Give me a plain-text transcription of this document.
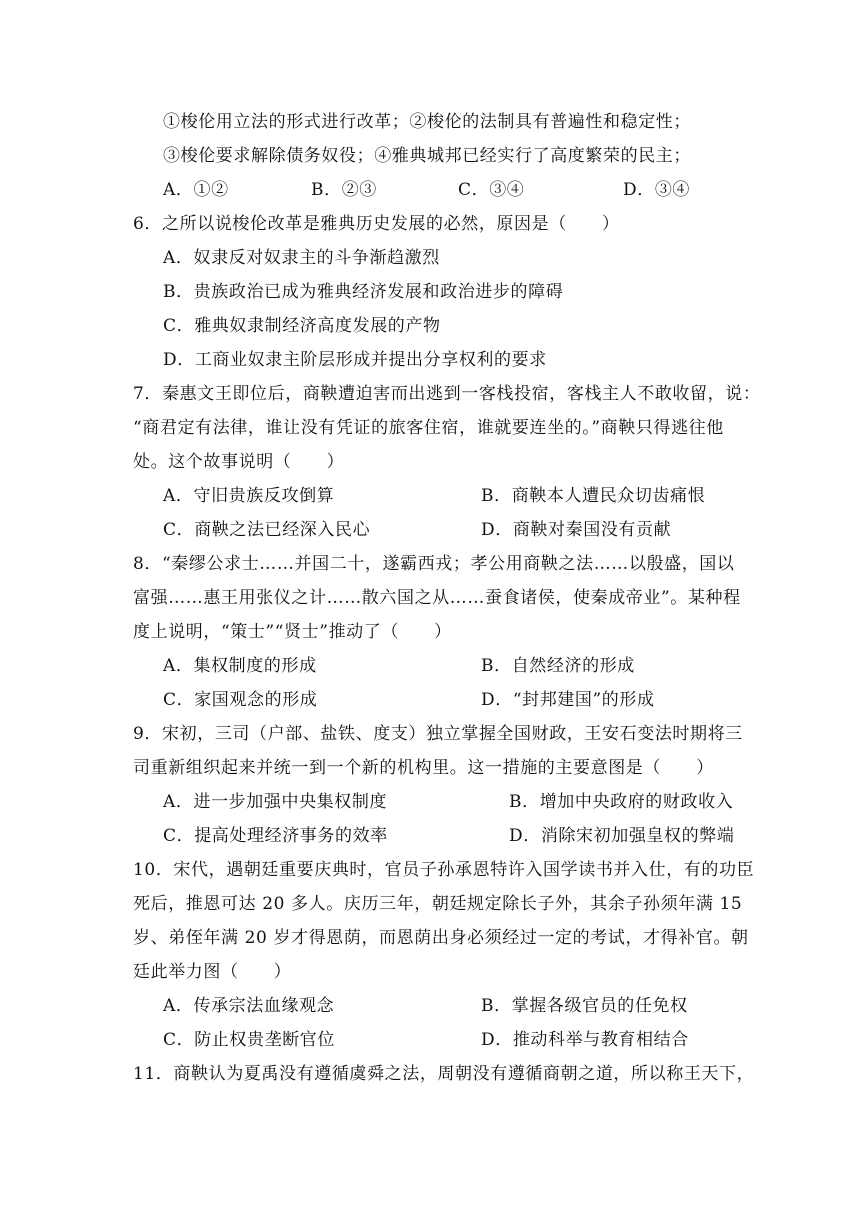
①梭伦用立法的形式进行改革；②梭伦的法制具有普遍性和稳定性；
③梭伦要求解除债务奴役；④雅典城邦已经实行了高度繁荣的民主；
A．①②	B．②③	C．③④	D．③④
6．之所以说梭伦改革是雅典历史发展的必然，原因是（　　）
A．奴隶反对奴隶主的斗争渐趋激烈
B．贵族政治已成为雅典经济发展和政治进步的障碍
C．雅典奴隶制经济高度发展的产物
D．工商业奴隶主阶层形成并提出分享权利的要求
7．秦惠文王即位后，商鞅遭迫害而出逃到一客栈投宿，客栈主人不敢收留，说：
“商君定有法律，谁让没有凭证的旅客住宿，谁就要连坐的。”商鞅只得逃往他
处。这个故事说明（　　）
A．守旧贵族反攻倒算	B．商鞅本人遭民众切齿痛恨
C．商鞅之法已经深入民心	D．商鞅对秦国没有贡献
8．“秦缪公求士……并国二十，遂霸西戎；孝公用商鞅之法……以殷盛，国以
富强……惠王用张仪之计……散六国之从……蚕食诸侯，使秦成帝业”。某种程
度上说明，“策士”“贤士”推动了（　　）
A．集权制度的形成	B．自然经济的形成
C．家国观念的形成	D．“封邦建国”的形成
9．宋初，三司（户部、盐铁、度支）独立掌握全国财政，王安石变法时期将三
司重新组织起来并统一到一个新的机构里。这一措施的主要意图是（　　）
A．进一步加强中央集权制度	B．增加中央政府的财政收入
C．提高处理经济事务的效率	D．消除宋初加强皇权的弊端
10．宋代，遇朝廷重要庆典时，官员子孙承恩特许入国学读书并入仕，有的功臣
死后，推恩可达 20 多人。庆历三年，朝廷规定除长子外，其余子孙须年满 15
岁、弟侄年满 20 岁才得恩荫，而恩荫出身必须经过一定的考试，才得补官。朝
廷此举力图（　　）
A．传承宗法血缘观念	B．掌握各级官员的任免权
C．防止权贵垄断官位	D．推动科举与教育相结合
11．商鞅认为夏禹没有遵循虞舜之法，周朝没有遵循商朝之道，所以称王天下，
